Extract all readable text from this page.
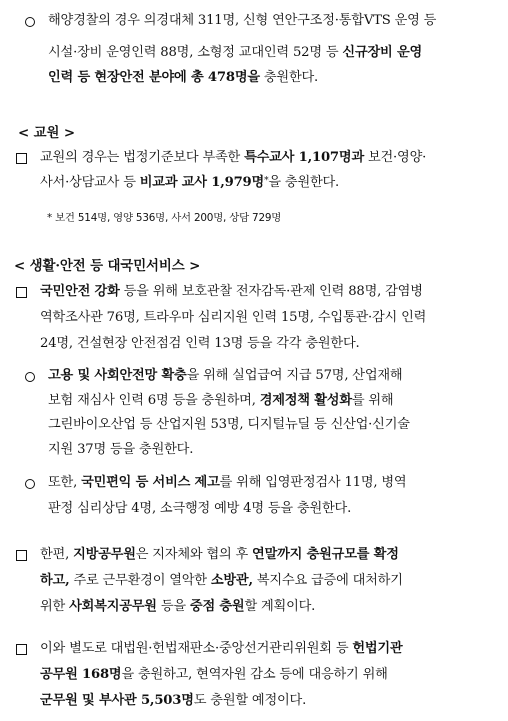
해양경찰의 경우 의경대체 311명, 신형 연안구조정·통합VTS 운영 등
시설·장비 운영인력 88명, 소형정 교대인력 52명 등 신규장비 운영
인력 등 현장안전 분야에 총 478명을 충원한다.
< 교원 >
교원의 경우는 법정기준보다 부족한 특수교사 1,107명과 보건·영양·
사서·상담교사 등 비교과 교사 1,979명*을 충원한다.
* 보건 514명, 영양 536명, 사서 200명, 상담 729명
< 생활·안전 등 대국민서비스 >
국민안전 강화 등을 위해 보호관찰 전자감독·관제 인력 88명, 감염병
역학조사관 76명, 트라우마 심리지원 인력 15명, 수입통관·감시 인력
24명, 건설현장 안전점검 인력 13명 등을 각각 충원한다.
고용 및 사회안전망 확충을 위해 실업급여 지급 57명, 산업재해
보험 재심사 인력 6명 등을 충원하며, 경제정책 활성화를 위해
그린바이오산업 등 산업지원 53명, 디지털뉴딜 등 신산업·신기술
지원 37명 등을 충원한다.
또한, 국민편익 등 서비스 제고를 위해 입영판정검사 11명, 병역
판정 심리상담 4명, 소극행정 예방 4명 등을 충원한다.
한편, 지방공무원은 지자체와 협의 후 연말까지 충원규모를 확정
하고, 주로 근무환경이 열악한 소방관, 복지수요 급증에 대처하기
위한 사회복지공무원 등을 중점 충원할 계획이다.
이와 별도로 대법원·헌법재판소·중앙선거관리위원회 등 헌법기관
공무원 168명을 충원하고, 현역자원 감소 등에 대응하기 위해
군무원 및 부사관 5,503명도 충원할 예정이다.
